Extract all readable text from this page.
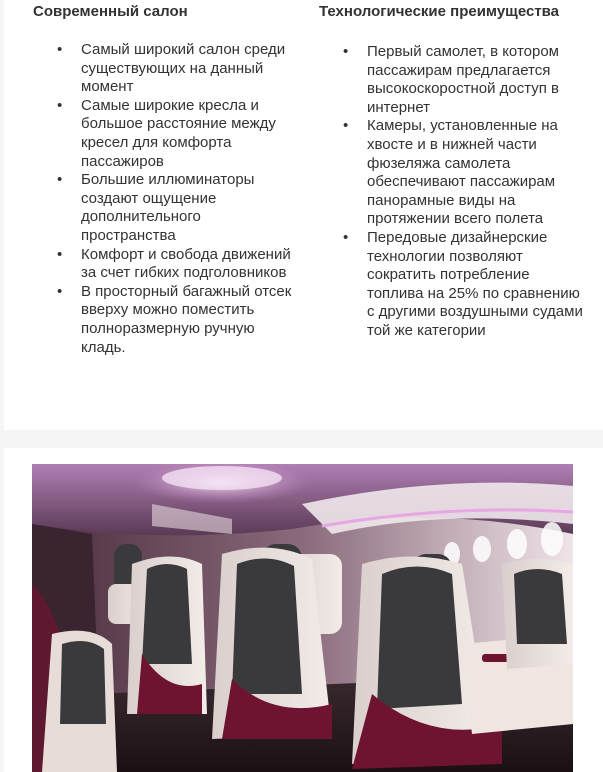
Современный салон
• Самый широкий салон среди существующих на данный момент
• Самые широкие кресла и большое расстояние между кресел для комфорта пассажиров
• Большие иллюминаторы создают ощущение дополнительного пространства
• Комфорт и свобода движений за счет гибких подголовников
• В просторный багажный отсек вверху можно поместить полноразмерную ручную кладь.
Технологические преимущества
• Первый самолет, в котором пассажирам предлагается высокоскоростной доступ в интернет
• Камеры, установленные на хвосте и в нижней части фюзеляжа самолета обеспечивают пассажирам панорамные виды на протяжении всего полета
• Передовые дизайнерские технологии позволяют сократить потребление топлива на 25% по сравнению с другими воздушными судами той же категории
